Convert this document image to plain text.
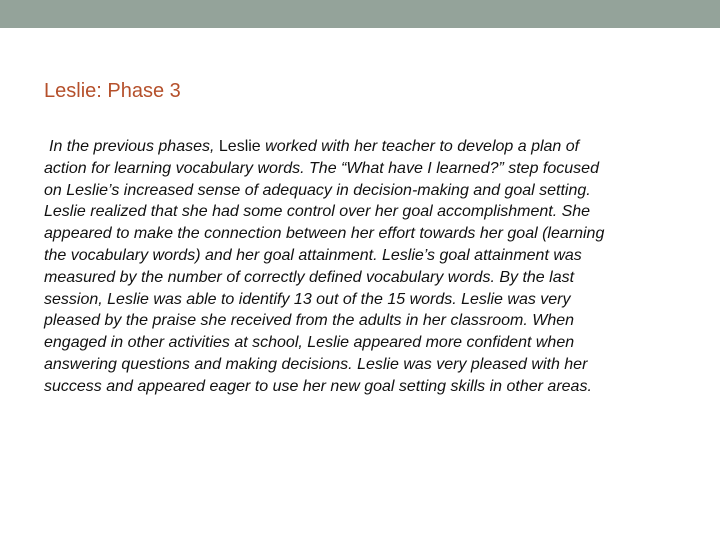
Leslie: Phase 3
In the previous phases, Leslie worked with her teacher to develop a plan of
action for learning vocabulary words. The “What have I learned?” step focused
on Leslie’s increased sense of adequacy in decision-making and goal setting.
Leslie realized that she had some control over her goal accomplishment. She
appeared to make the connection between her effort towards her goal (learning
the vocabulary words) and her goal attainment. Leslie’s goal attainment was
measured by the number of correctly defined vocabulary words. By the last
session, Leslie was able to identify 13 out of the 15 words. Leslie was very
pleased by the praise she received from the adults in her classroom. When
engaged in other activities at school, Leslie appeared more confident when
answering questions and making decisions. Leslie was very pleased with her
success and appeared eager to use her new goal setting skills in other areas.
